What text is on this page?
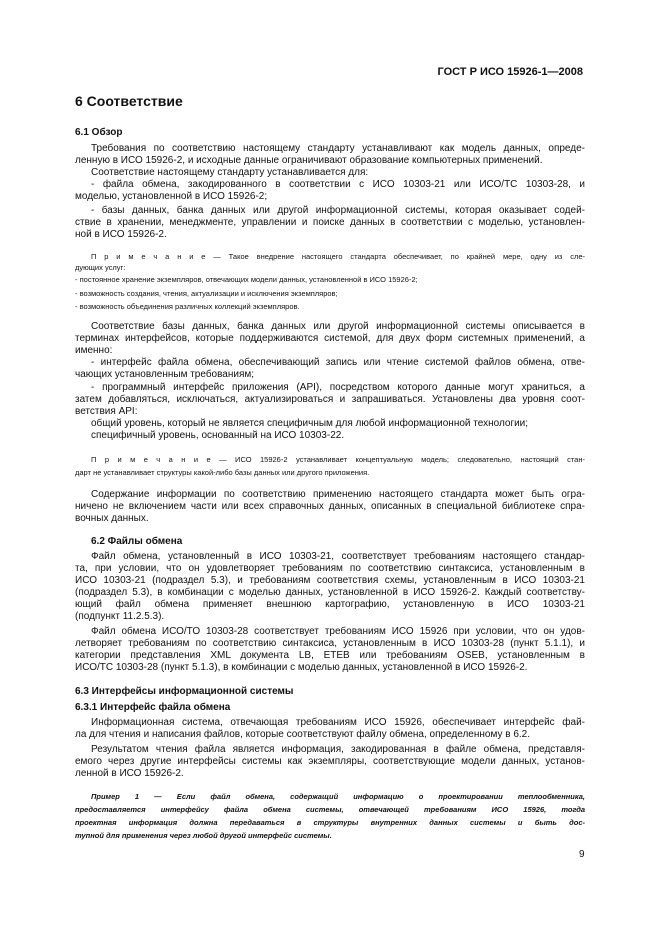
ГОСТ Р ИСО 15926-1—2008
6 Соответствие
6.1 Обзор
Требования по соответствию настоящему стандарту устанавливают как модель данных, опреде-
ленную в ИСО 15926-2, и исходные данные ограничивают образование компьютерных применений.
Соответствие настоящему стандарту устанавливается для:
- файла обмена, закодированного в соответствии с ИСО 10303-21 или ИСО/ТС 10303-28, и
моделью, установленной в ИСО 15926-2;
- базы данных, банка данных или другой информационной системы, которая оказывает содей-
ствие в хранении, менеджменте, управлении и поиске данных в соответствии с моделью, установлен-
ной в ИСО 15926-2.
П р и м е ч а н и е — Такое внедрение настоящего стандарта обеспечивает, по крайней мере, одну из сле-
дующих услуг:
- постоянное хранение экземпляров, отвечающих модели данных, установленной в ИСО 15926-2;
- возможность создания, чтения, актуализации и исключения экземпляров;
- возможность объединения различных коллекций экземпляров.
Соответствие базы данных, банка данных или другой информационной системы описывается в
терминах интерфейсов, которые поддерживаются системой, для двух форм системных применений, а
именно:
- интерфейс файла обмена, обеспечивающий запись или чтение системой файлов обмена, отве-
чающих установленным требованиям;
- программный интерфейс приложения (API), посредством которого данные могут храниться, а
затем добавляться, исключаться, актуализироваться и запрашиваться. Установлены два уровня соот-
ветствия API:
общий уровень, который не является специфичным для любой информационной технологии;
специфичный уровень, основанный на ИСО 10303-22.
П р и м е ч а н и е — ИСО 15926-2 устанавливает концептуальную модель; следовательно, настоящий стан-
дарт не устанавливает структуры какой-либо базы данных или другого приложения.
Содержание информации по соответствию применению настоящего стандарта может быть огра-
ничено не включением части или всех справочных данных, описанных в специальной библиотеке спра-
вочных данных.
6.2 Файлы обмена
Файл обмена, установленный в ИСО 10303-21, соответствует требованиям настоящего стандар-
та, при условии, что он удовлетворяет требованиям по соответствию синтаксиса, установленным в
ИСО 10303-21 (подраздел 5.3), и требованиям соответствия схемы, установленным в ИСО 10303-21
(подраздел 5.3), в комбинации с моделью данных, установленной в ИСО 15926-2. Каждый соответству-
ющий файл обмена применяет внешнюю картографию, установленную в ИСО 10303-21
(подпункт 11.2.5.3).
Файл обмена ИСО/ТО 10303-28 соответствует требованиям ИСО 15926 при условии, что он удов-
летворяет требованиям по соответствию синтаксиса, установленным в ИСО 10303-28 (пункт 5.1.1), и
категории представления XML документа LB, ETEB или требованиям OSEB, установленным в
ИСО/ТС 10303-28 (пункт 5.1.3), в комбинации с моделью данных, установленной в ИСО 15926-2.
6.3 Интерфейсы информационной системы
6.3.1 Интерфейс файла обмена
Информационная система, отвечающая требованиям ИСО 15926, обеспечивает интерфейс фай-
ла для чтения и написания файлов, которые соответствуют файлу обмена, определенному в 6.2.
Результатом чтения файла является информация, закодированная в файле обмена, представля-
емого через другие интерфейсы системы как экземпляры, соответствующие модели данных, установ-
ленной в ИСО 15926-2.
Пример 1 — Если файл обмена, содержащий информацию о проектировании теплообменника,
предоставляется интерфейсу файла обмена системы, отвечающей требованиям ИСО 15926, тогда
проектная информация должна передаваться в структуры внутренних данных системы и быть дос-
тупной для применения через любой другой интерфейс системы.
9
